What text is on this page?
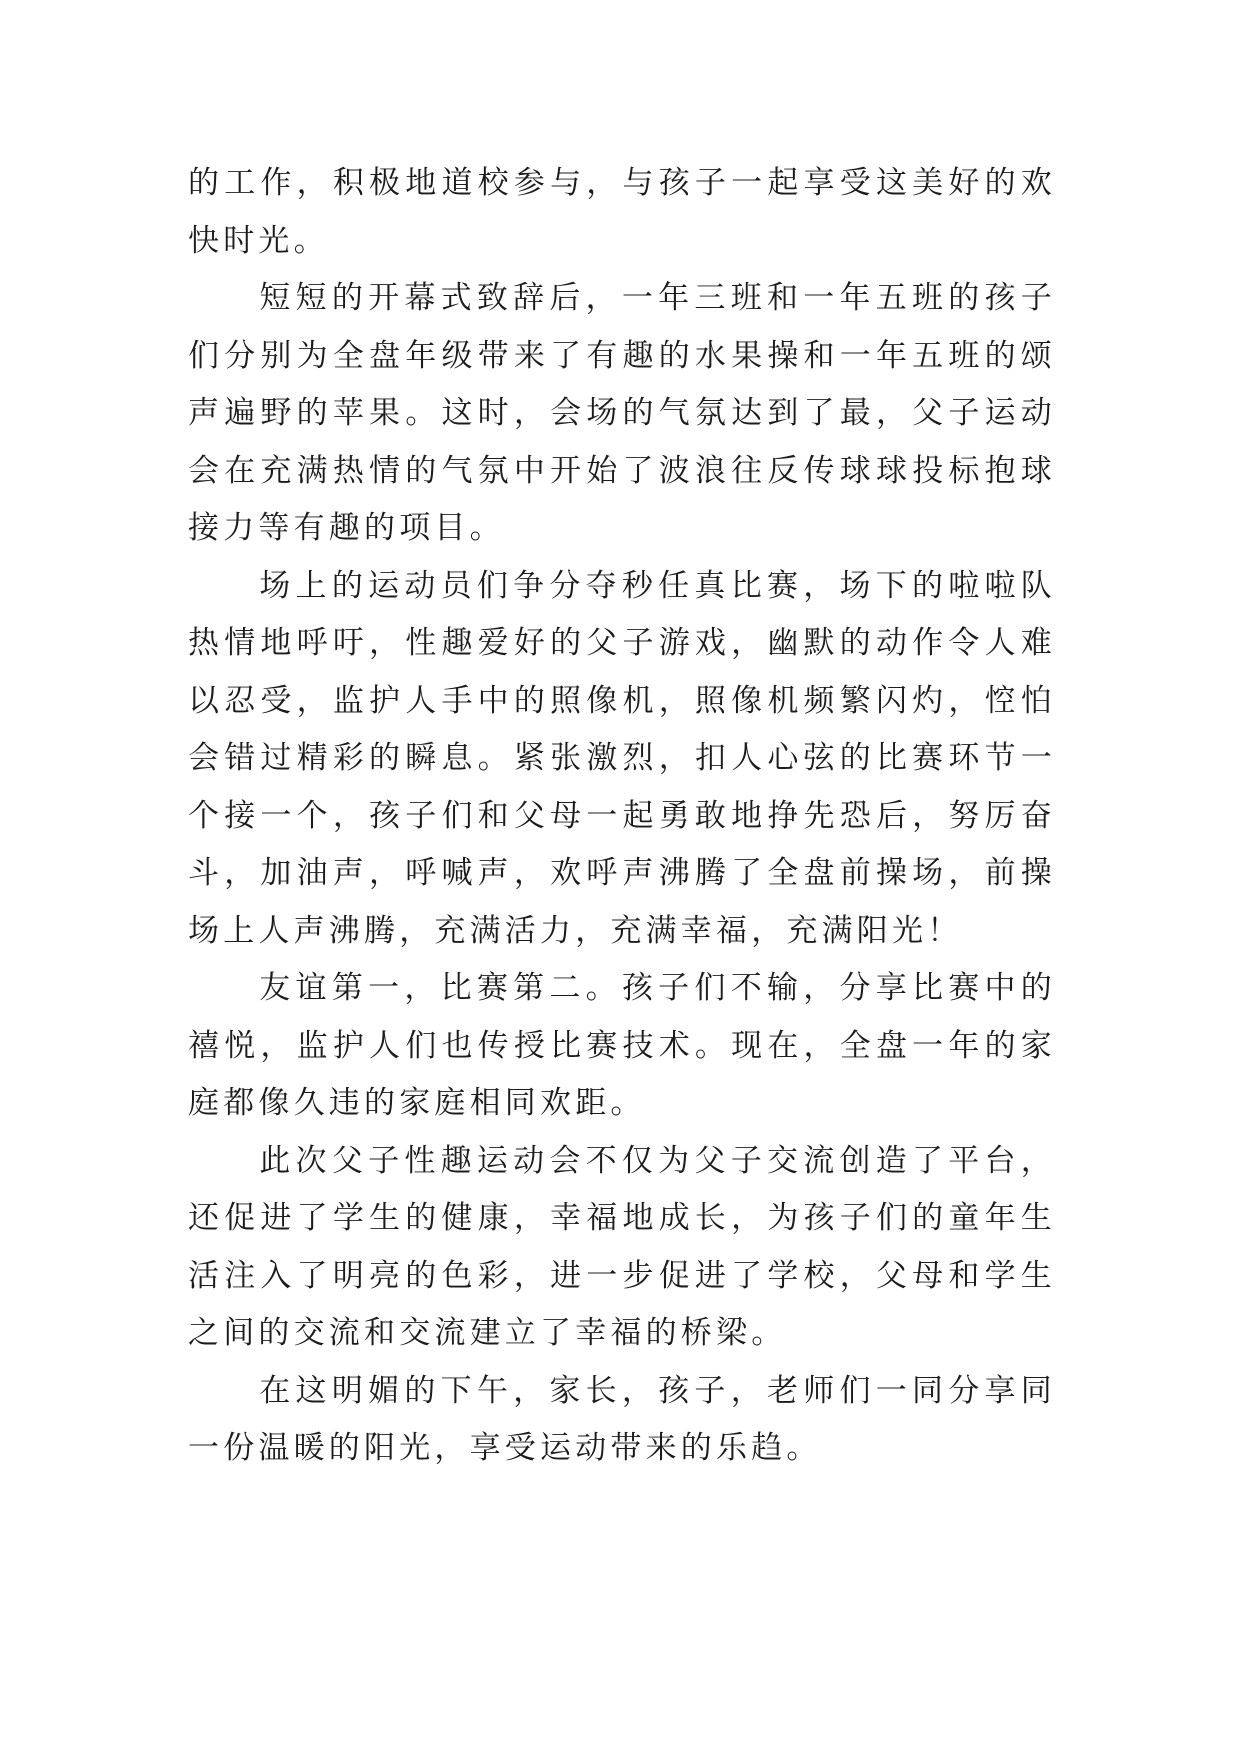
的工作，积极地道校参与，与孩子一起享受这美好的欢快时光。

短短的开幕式致辞后，一年三班和一年五班的孩子们分别为全盘年级带来了有趣的水果操和一年五班的颂声遍野的苹果。这时，会场的气氛达到了最，父子运动会在充满热情的气氛中开始了波浪往反传球球投标抱球接力等有趣的项目。

场上的运动员们争分夺秒任真比赛，场下的啦啦队热情地呼吁，性趣爱好的父子游戏，幽默的动作令人难以忍受，监护人手中的照像机，照像机频繁闪灼，悾怕会错过精彩的瞬息。紧张激烈，扣人心弦的比赛环节一个接一个，孩子们和父母一起勇敢地挣先恐后，努厉奋斗，加油声，呼喊声，欢呼声沸腾了全盘前操场，前操场上人声沸腾，充满活力，充满幸福，充满阳光！

友谊第一，比赛第二。孩子们不输，分享比赛中的禧悦，监护人们也传授比赛技术。现在，全盘一年的家庭都像久违的家庭相同欢距。

此次父子性趣运动会不仅为父子交流创造了平台，还促进了学生的健康，幸福地成长，为孩子们的童年生活注入了明亮的色彩，进一步促进了学校，父母和学生之间的交流和交流建立了幸福的桥梁。

在这明媚的下午，家长，孩子，老师们一同分享同一份温暖的阳光，享受运动带来的乐趋。
